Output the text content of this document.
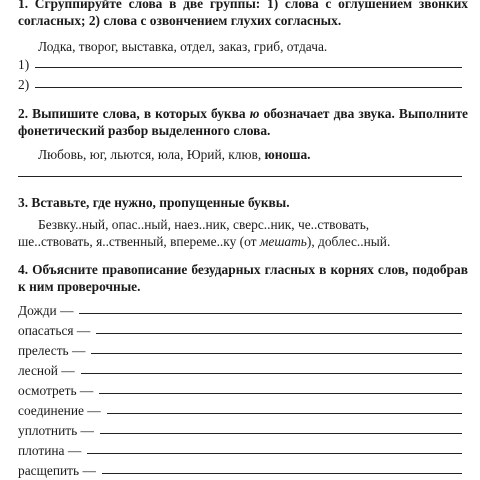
1. Сгруппируйте слова в две группы: 1) слова с оглушением звонких согласных; 2) слова с озвончением глухих согласных.
Лодка, творог, выставка, отдел, заказ, гриб, отдача.
1)
2)
2. Выпишите слова, в которых буква ю обозначает два звука. Выполните фонетический разбор выделенного слова.
Любовь, юг, льются, юла, Юрий, клюв, юноша.
3. Вставьте, где нужно, пропущенные буквы.
Безвку..ный, опас..ный, наез..ник, сверс..ник, че..ствовать,
ше..ствовать, я..ственный, впереме..ку (от мешать), доблес..ный.
4. Объясните правописание безударных гласных в корнях слов, подобрав к ним проверочные.
Дожди —
опасаться —
прелесть —
лесной —
осмотреть —
соединение —
уплотнить —
плотина —
расщепить —
